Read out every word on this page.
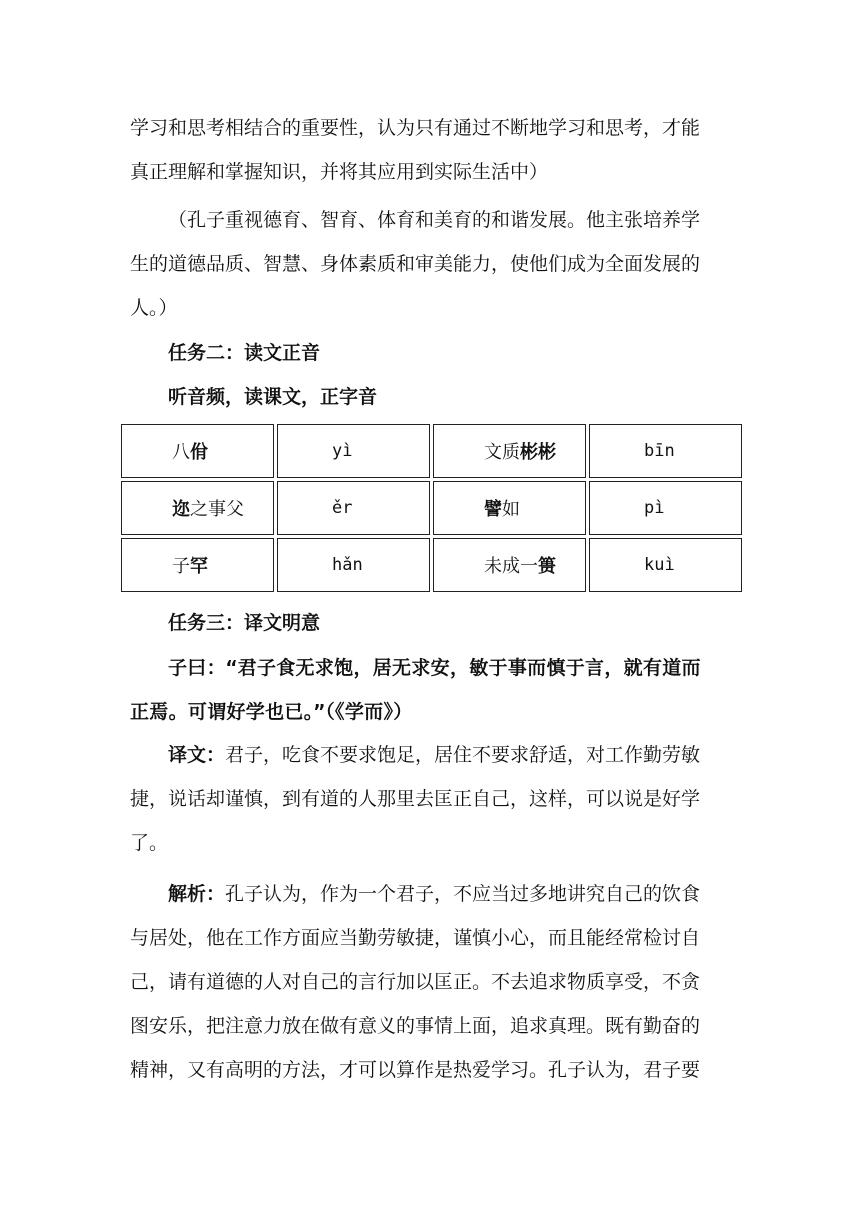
学习和思考相结合的重要性，认为只有通过不断地学习和思考，才能
真正理解和掌握知识，并将其应用到实际生活中）
（孔子重视德育、智育、体育和美育的和谐发展。他主张培养学
生的道德品质、智慧、身体素质和审美能力，使他们成为全面发展的
人。）
任务二：读文正音
听音频，读课文，正字音
八佾	yì	文质彬彬	bīn

迩之事父	ěr	譬如	pì

子罕	hǎn	未成一篑	kuì
任务三：译文明意
子曰：“君子食无求饱，居无求安，敏于事而慎于言，就有道而
正焉。可谓好学也已。”（《学而》）
译文：君子，吃食不要求饱足，居住不要求舒适，对工作勤劳敏
捷，说话却谨慎，到有道的人那里去匡正自己，这样，可以说是好学
了。
解析：孔子认为，作为一个君子，不应当过多地讲究自己的饮食
与居处，他在工作方面应当勤劳敏捷，谨慎小心，而且能经常检讨自
己，请有道德的人对自己的言行加以匡正。不去追求物质享受，不贪
图安乐，把注意力放在做有意义的事情上面，追求真理。既有勤奋的
精神，又有高明的方法，才可以算作是热爱学习。孔子认为，君子要
